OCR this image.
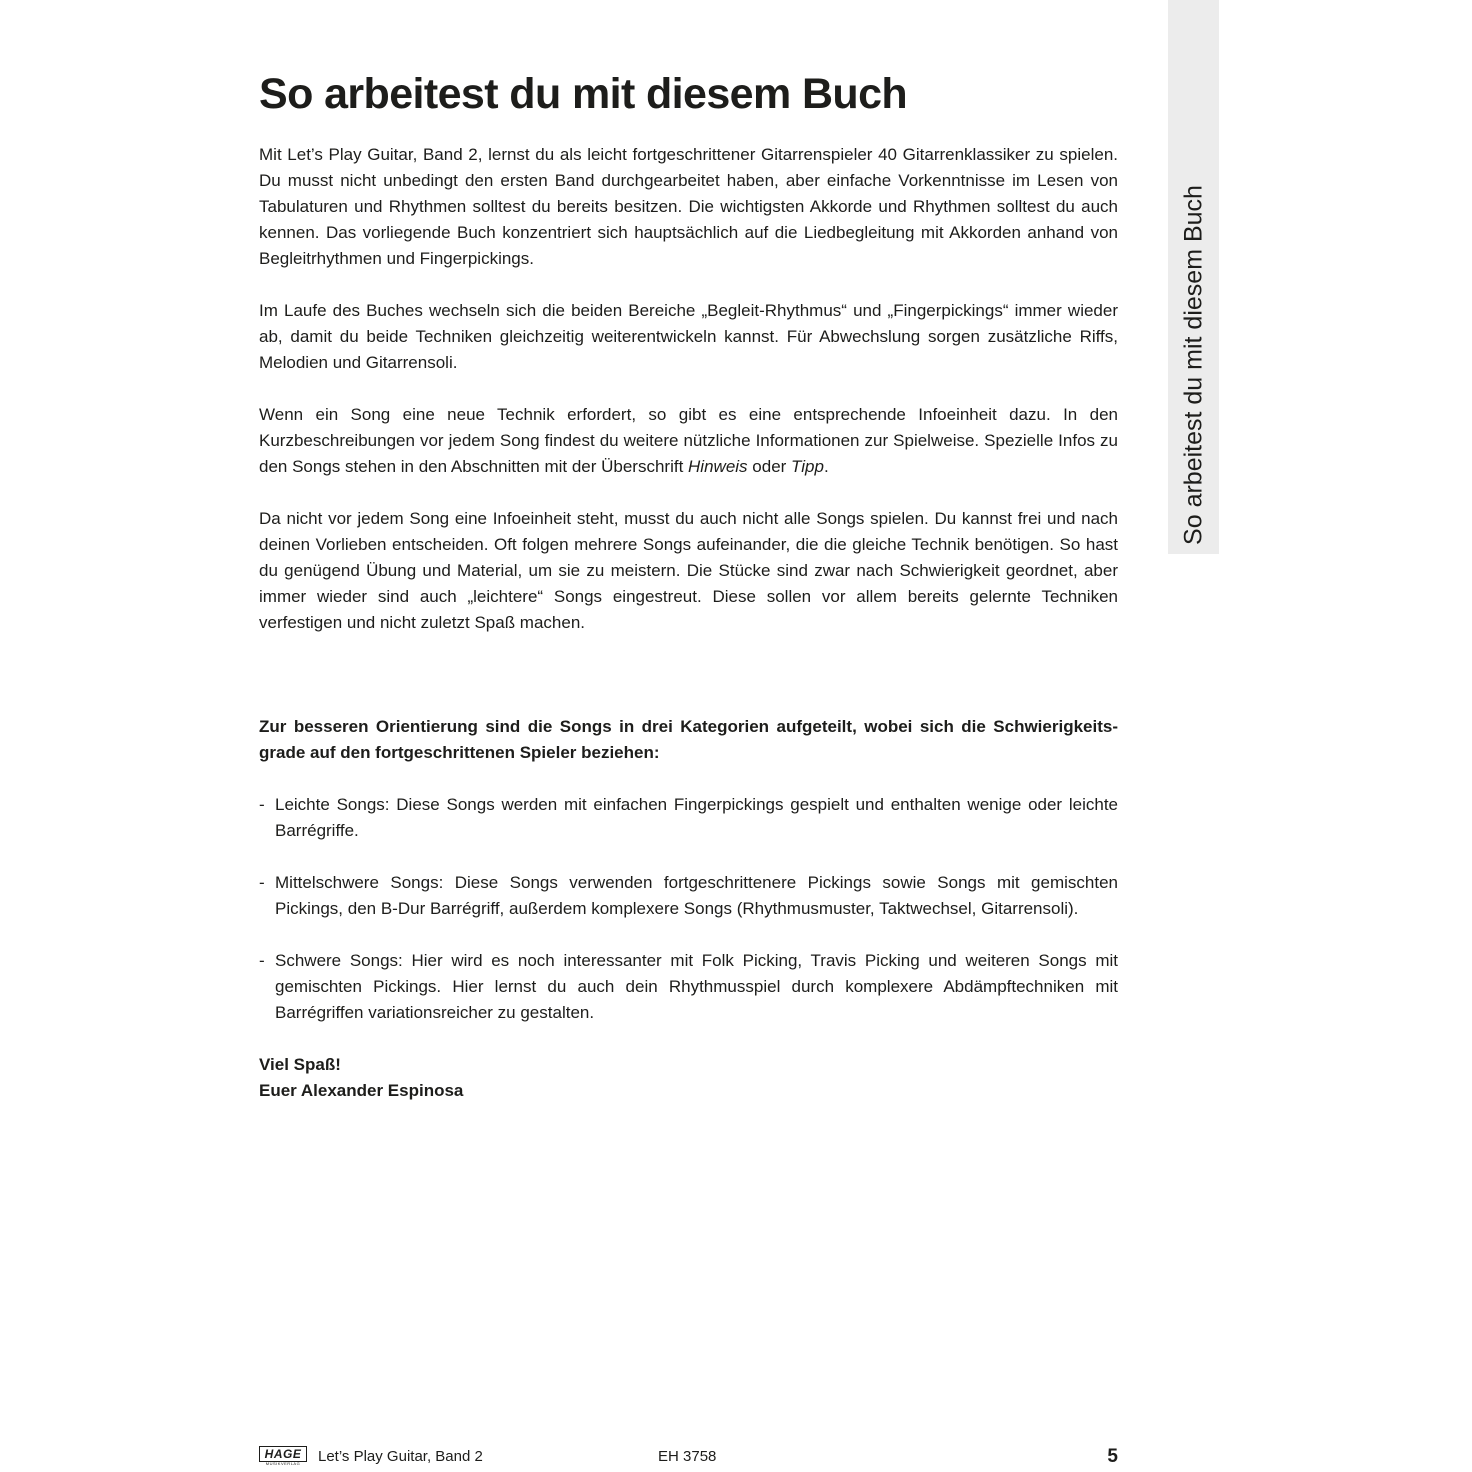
So arbeitest du mit diesem Buch

Mit Let’s Play Guitar, Band 2, lernst du als leicht fortgeschrittener Gitarrenspieler 40 Gitarrenklassiker zu spielen. Du musst nicht unbedingt den ersten Band durchgearbeitet haben, aber einfache Vorkenntnisse im Lesen von Tabulaturen und Rhythmen solltest du bereits besitzen. Die wichtigsten Akkorde und Rhythmen solltest du auch kennen. Das vorliegende Buch konzentriert sich hauptsächlich auf die Liedbegleitung mit Akkorden anhand von Begleitrhythmen und Fingerpickings.

Im Laufe des Buches wechseln sich die beiden Bereiche „Begleit-Rhythmus“ und „Fingerpickings“ immer wieder ab, damit du beide Techniken gleichzeitig weiterentwickeln kannst. Für Abwechslung sorgen zusätzliche Riffs, Melodien und Gitarrensoli.

Wenn ein Song eine neue Technik erfordert, so gibt es eine entsprechende Infoeinheit dazu. In den Kurzbeschreibungen vor jedem Song findest du weitere nützliche Informationen zur Spielweise. Spezielle Infos zu den Songs stehen in den Abschnitten mit der Überschrift Hinweis oder Tipp.

Da nicht vor jedem Song eine Infoeinheit steht, musst du auch nicht alle Songs spielen. Du kannst frei und nach deinen Vorlieben entscheiden. Oft folgen mehrere Songs aufeinander, die die gleiche Technik benötigen. So hast du genügend Übung und Material, um sie zu meistern. Die Stücke sind zwar nach Schwierigkeit geordnet, aber immer wieder sind auch „leichtere“ Songs eingestreut. Diese sollen vor allem bereits gelernte Techniken verfestigen und nicht zuletzt Spaß machen.

Zur besseren Orientierung sind die Songs in drei Kategorien aufgeteilt, wobei sich die Schwierigkeits-grade auf den fortgeschrittenen Spieler beziehen:

- Leichte Songs: Diese Songs werden mit einfachen Fingerpickings gespielt und enthalten wenige oder leichte Barrégriffe.
- Mittelschwere Songs: Diese Songs verwenden fortgeschrittenere Pickings sowie Songs mit gemischten Pickings, den B-Dur Barrégriff, außerdem komplexere Songs (Rhythmusmuster, Taktwechsel, Gitarrensoli).
- Schwere Songs: Hier wird es noch interessanter mit Folk Picking, Travis Picking und weiteren Songs mit gemischten Pickings. Hier lernst du auch dein Rhythmusspiel durch komplexere Abdämpftechniken mit Barrégriffen variationsreicher zu gestalten.
Viel Spaß!
Euer Alexander Espinosa
So arbeitest du mit diesem Buch
HAGE
MUSIKVERLAG	Let’s Play Guitar, Band 2	EH 3758	5
